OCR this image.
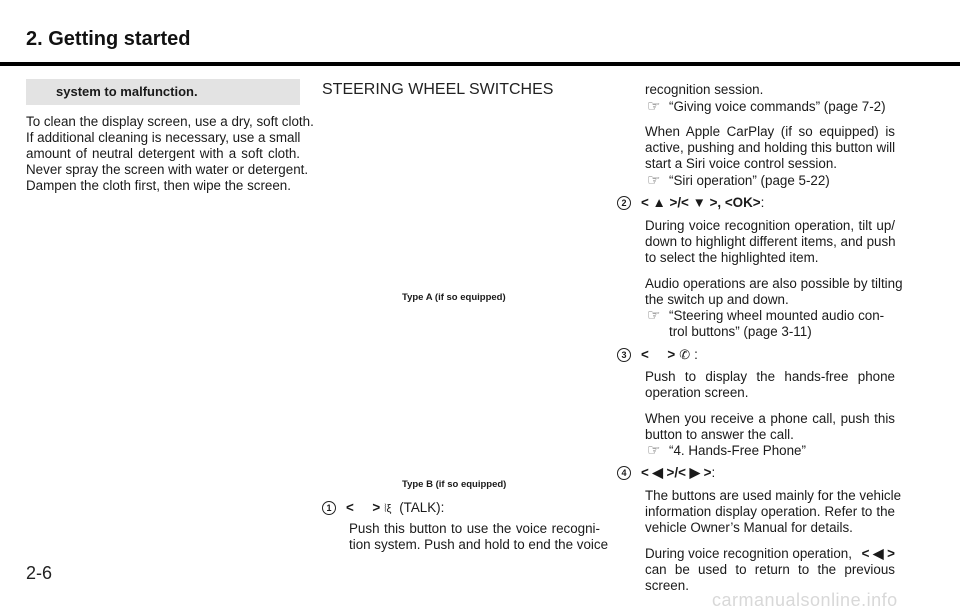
2. Getting started
system to malfunction.
To clean the display screen, use a dry, soft cloth.
If additional cleaning is necessary, use a small
amount of neutral detergent with a soft cloth.
Never spray the screen with water or detergent.
Dampen the cloth first, then wipe the screen.
STEERING WHEEL SWITCHES
Type A (if so equipped)
Type B (if so equipped)
1 <     > ⦚ξ (TALK):
Push this button to use the voice recogni-
tion system. Push and hold to end the voice
recognition session.
☞ “Giving voice commands” (page 7-2)
When Apple CarPlay (if so equipped) is
active, pushing and holding this button will
start a Siri voice control session.
☞ “Siri operation” (page 5-22)
2 < ▲ >/< ▼ >, <OK>:
During voice recognition operation, tilt up/
down to highlight different items, and push
to select the highlighted item.
Audio operations are also possible by tilting
the switch up and down.
☞ “Steering wheel mounted audio con-
trol buttons” (page 3-11)
3 <     > ✆ :
Push to display the hands-free phone
operation screen.
When you receive a phone call, push this
button to answer the call.
☞ “4. Hands-Free Phone”
4 < ◀ >/< ▶ >:
The buttons are used mainly for the vehicle
information display operation. Refer to the
vehicle Owner’s Manual for details.
During voice recognition operation, < ◀ >
can be used to return to the previous
screen.
2-6
carmanualsonline.info
